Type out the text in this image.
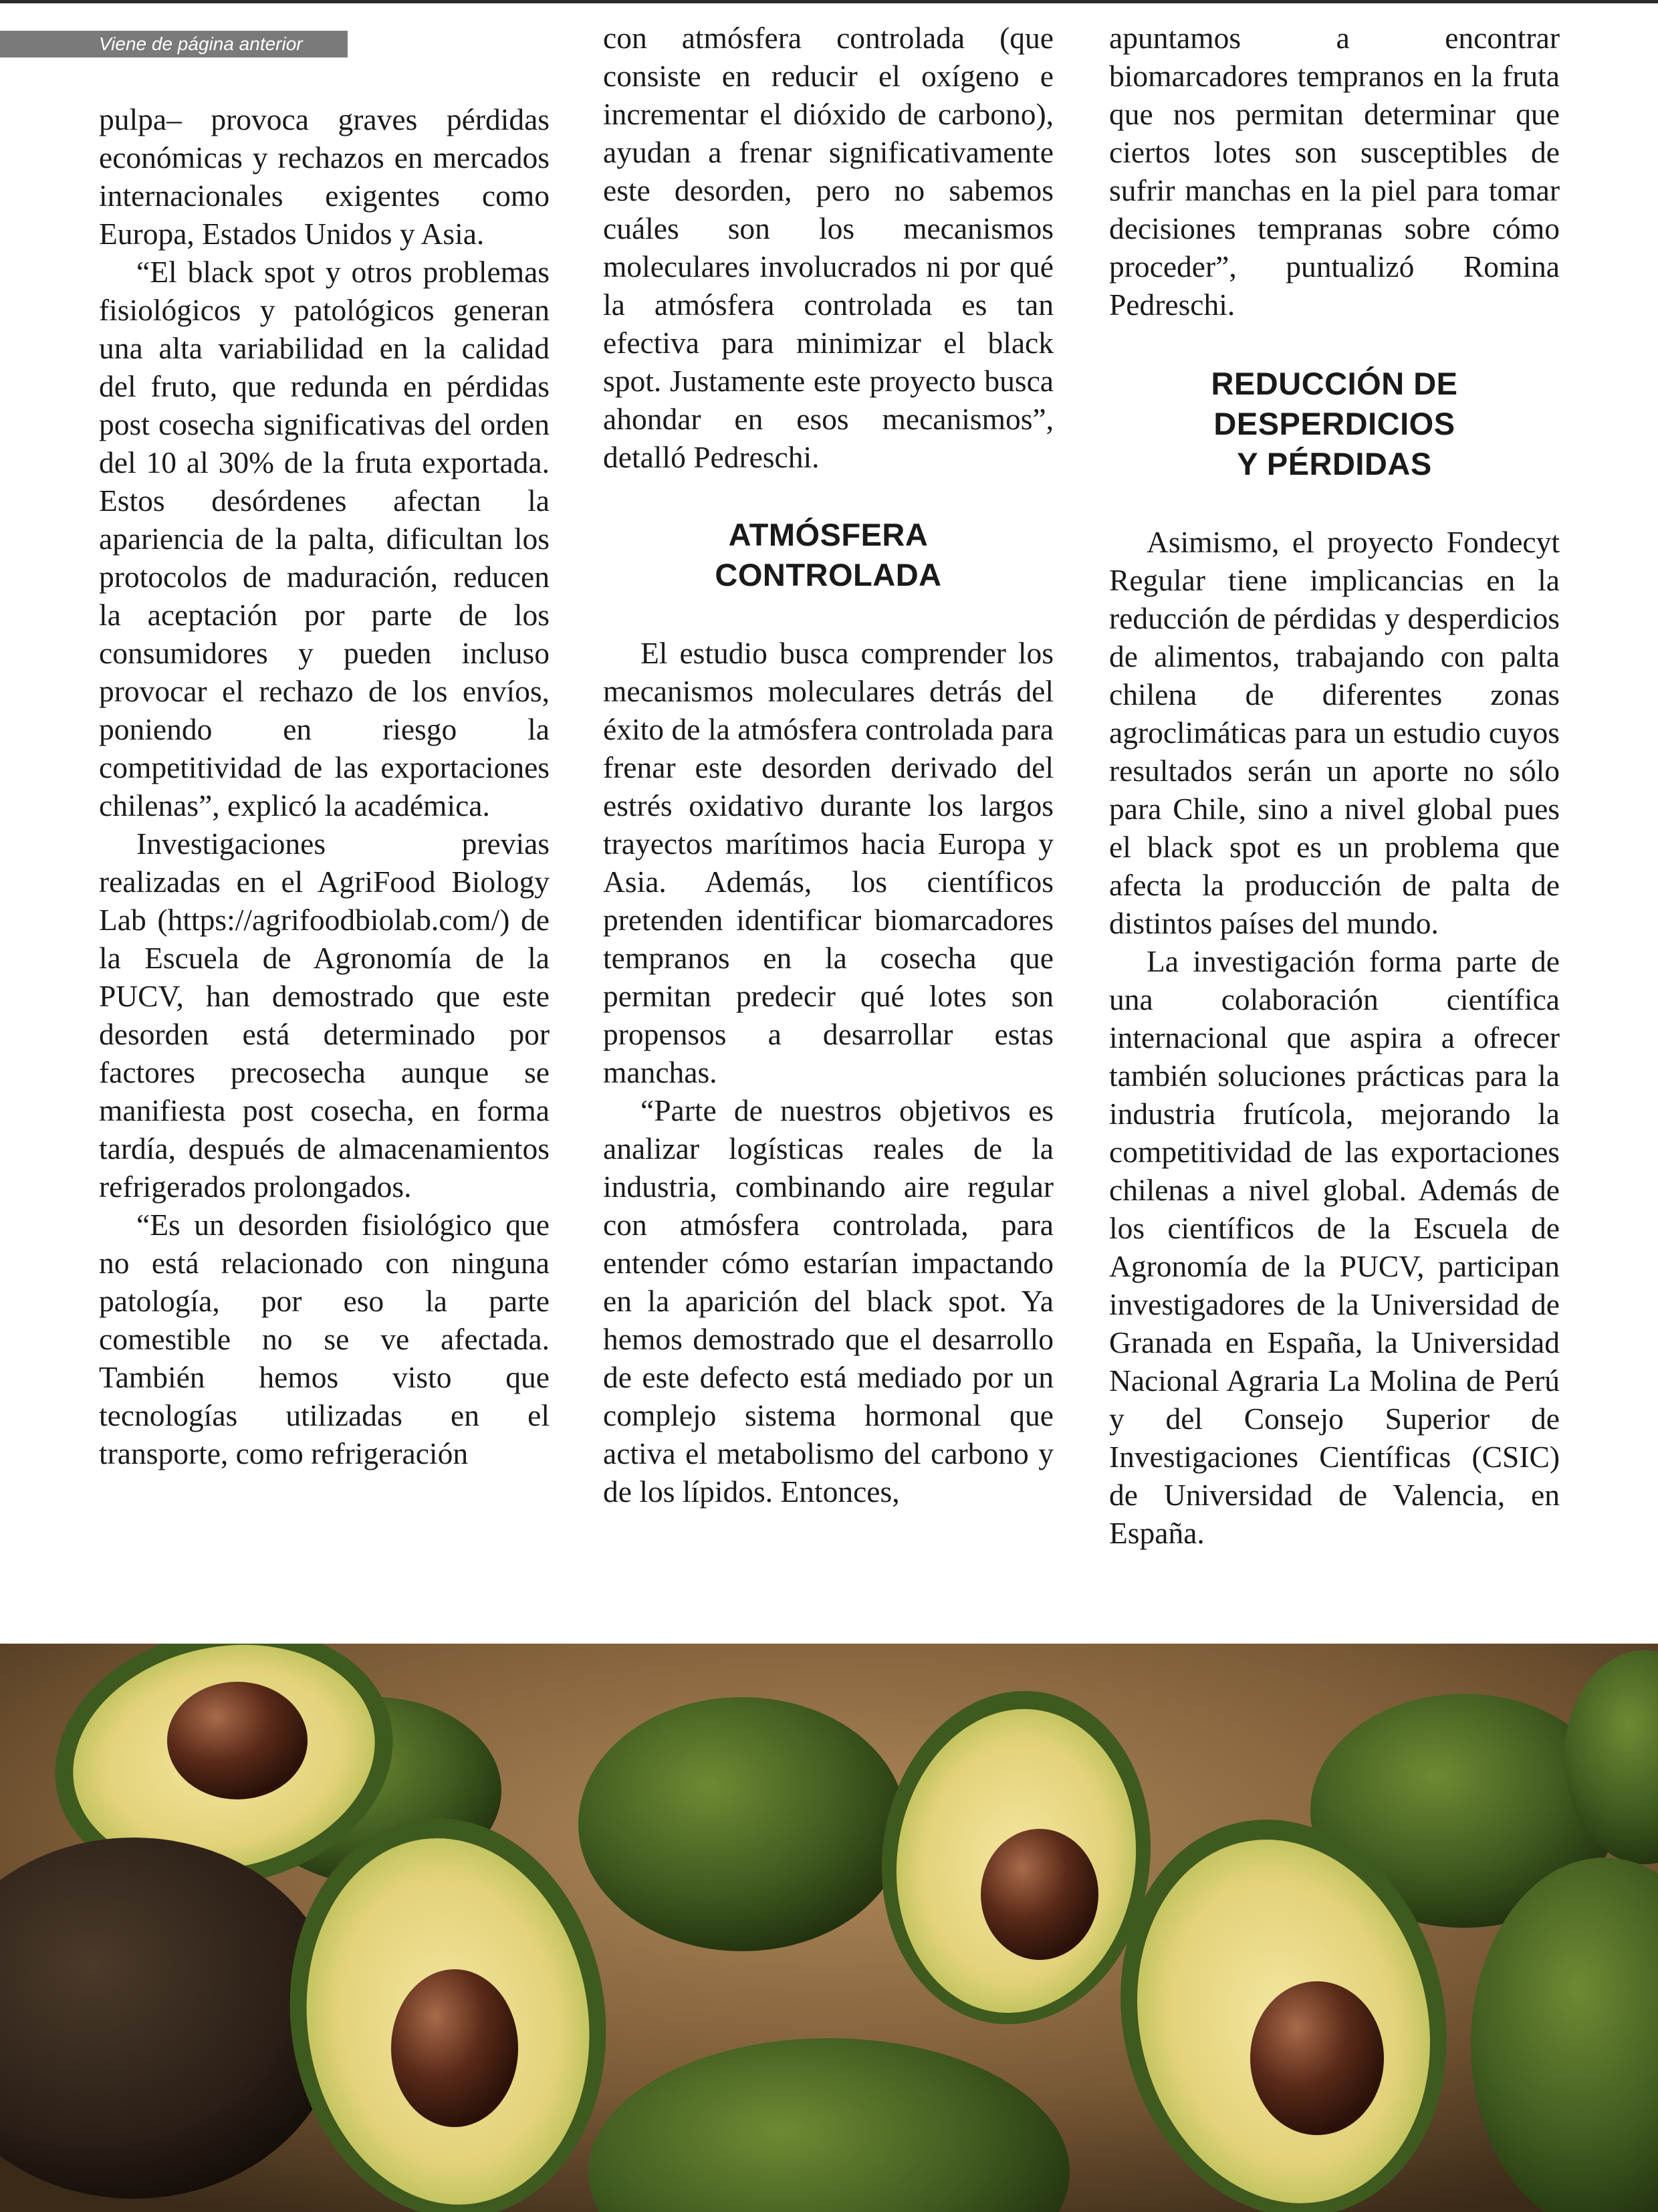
Viene de página anterior

pulpa– provoca graves pérdidas económicas y rechazos en mercados internacionales exigentes como Europa, Estados Unidos y Asia.

“El black spot y otros problemas fisiológicos y patológicos generan una alta variabilidad en la calidad del fruto, que redunda en pérdidas post cosecha significativas del orden del 10 al 30% de la fruta exportada. Estos desórdenes afectan la apariencia de la palta, dificultan los protocolos de maduración, reducen la aceptación por parte de los consumidores y pueden incluso provocar el rechazo de los envíos, poniendo en riesgo la competitividad de las exportaciones chilenas”, explicó la académica.

Investigaciones previas realizadas en el AgriFood Biology Lab (https://agrifoodbiolab.com/) de la Escuela de Agronomía de la PUCV, han demostrado que este desorden está determinado por factores precosecha aunque se manifiesta post cosecha, en forma tardía, después de almacenamientos refrigerados prolongados.

“Es un desorden fisiológico que no está relacionado con ninguna patología, por eso la parte comestible no se ve afectada. También hemos visto que tecnologías utilizadas en el transporte, como refrigeración

con atmósfera controlada (que consiste en reducir el oxígeno e incrementar el dióxido de carbono), ayudan a frenar significativamente este desorden, pero no sabemos cuáles son los mecanismos moleculares involucrados ni por qué la atmósfera controlada es tan efectiva para minimizar el black spot. Justamente este proyecto busca ahondar en esos mecanismos”, detalló Pedreschi.

ATMÓSFERA
CONTROLADA

El estudio busca comprender los mecanismos moleculares detrás del éxito de la atmósfera controlada para frenar este desorden derivado del estrés oxidativo durante los largos trayectos marítimos hacia Europa y Asia. Además, los científicos pretenden identificar biomarcadores tempranos en la cosecha que permitan predecir qué lotes son propensos a desarrollar estas manchas.

“Parte de nuestros objetivos es analizar logísticas reales de la industria, combinando aire regular con atmósfera controlada, para entender cómo estarían impactando en la aparición del black spot. Ya hemos demostrado que el desarrollo de este defecto está mediado por un complejo sistema hormonal que activa el metabolismo del carbono y de los lípidos. Entonces,

apuntamos a encontrar biomarcadores tempranos en la fruta que nos permitan determinar que ciertos lotes son susceptibles de sufrir manchas en la piel para tomar decisiones tempranas sobre cómo proceder”, puntualizó Romina Pedreschi.

REDUCCIÓN DE
DESPERDICIOS
Y PÉRDIDAS

Asimismo, el proyecto Fondecyt Regular tiene implicancias en la reducción de pérdidas y desperdicios de alimentos, trabajando con palta chilena de diferentes zonas agroclimáticas para un estudio cuyos resultados serán un aporte no sólo para Chile, sino a nivel global pues el black spot es un problema que afecta la producción de palta de distintos países del mundo.

La investigación forma parte de una colaboración científica internacional que aspira a ofrecer también soluciones prácticas para la industria frutícola, mejorando la competitividad de las exportaciones chilenas a nivel global. Además de los científicos de la Escuela de Agronomía de la PUCV, participan investigadores de la Universidad de Granada en España, la Universidad Nacional Agraria La Molina de Perú y del Consejo Superior de Investigaciones Científicas (CSIC) de Universidad de Valencia, en España.
